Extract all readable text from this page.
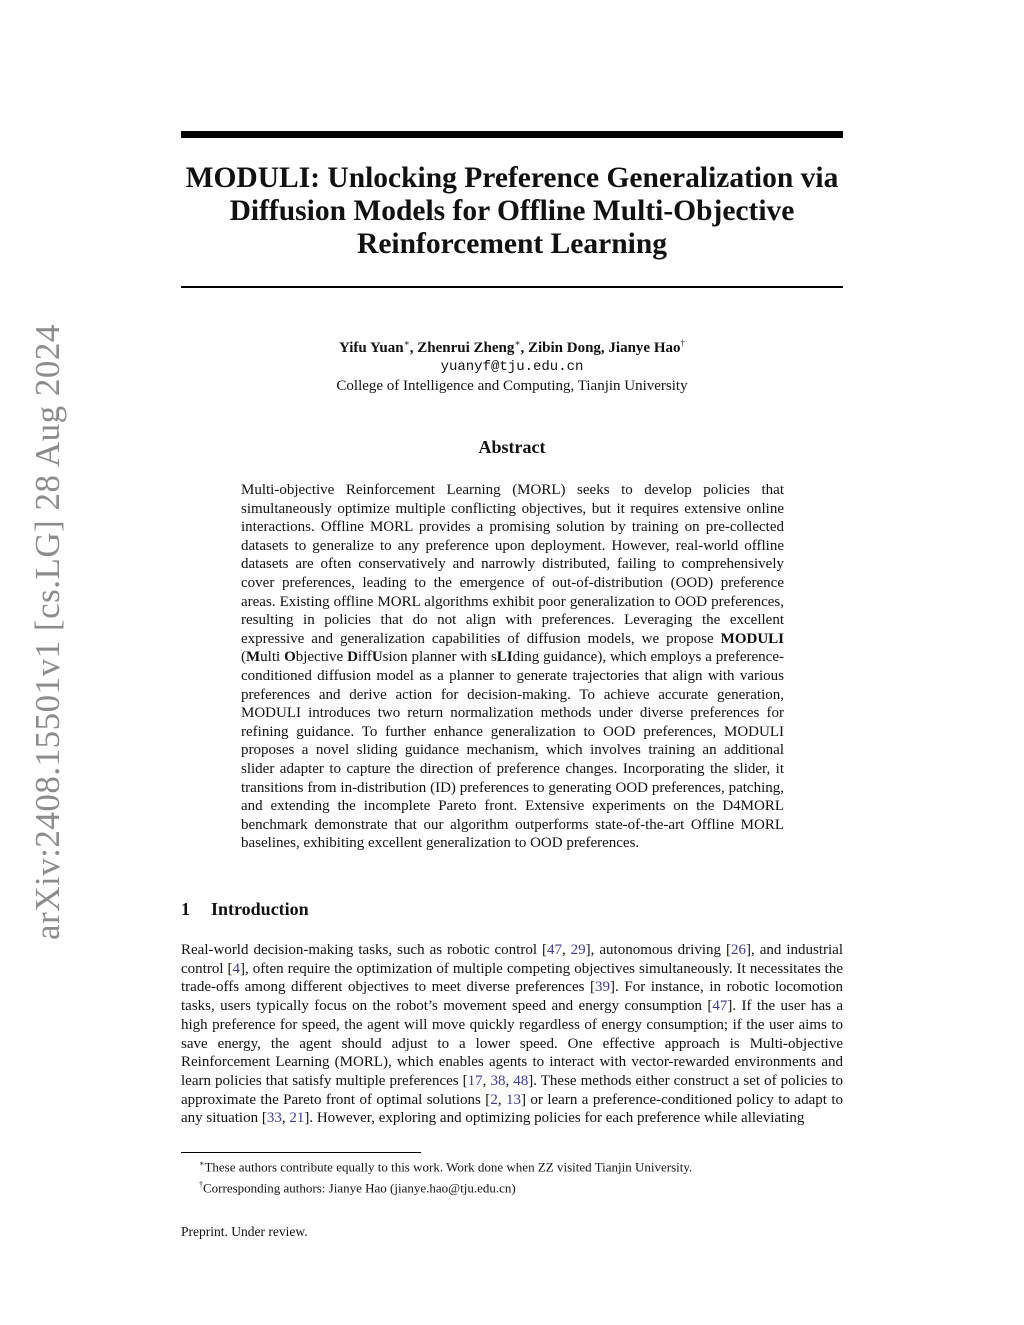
arXiv:2408.15501v1 [cs.LG] 28 Aug 2024
MODULI: Unlocking Preference Generalization via
Diffusion Models for Offline Multi-Objective
Reinforcement Learning
Yifu Yuan∗, Zhenrui Zheng∗, Zibin Dong, Jianye Hao†
yuanyf@tju.edu.cn
College of Intelligence and Computing, Tianjin University
Abstract
Multi-objective Reinforcement Learning (MORL) seeks to develop policies that simultaneously optimize multiple conflicting objectives, but it requires extensive online interactions. Offline MORL provides a promising solution by training on pre-collected datasets to generalize to any preference upon deployment. However, real-world offline datasets are often conservatively and narrowly distributed, failing to comprehensively cover preferences, leading to the emergence of out-of-distribution (OOD) preference areas. Existing offline MORL algorithms exhibit poor generalization to OOD preferences, resulting in policies that do not align with preferences. Leveraging the excellent expressive and generalization capabilities of diffusion models, we propose MODULI (Multi Objective DiffUsion planner with sLIding guidance), which employs a preference-conditioned diffusion model as a planner to generate trajectories that align with various preferences and derive action for decision-making. To achieve accurate generation, MODULI introduces two return normalization methods under diverse preferences for refining guidance. To further enhance generalization to OOD preferences, MODULI proposes a novel sliding guidance mechanism, which involves training an additional slider adapter to capture the direction of preference changes. Incorporating the slider, it transitions from in-distribution (ID) preferences to generating OOD preferences, patching, and extending the incomplete Pareto front. Extensive experiments on the D4MORL benchmark demonstrate that our algorithm outperforms state-of-the-art Offline MORL baselines, exhibiting excellent generalization to OOD preferences.
1 Introduction
Real-world decision-making tasks, such as robotic control [47, 29], autonomous driving [26], and industrial control [4], often require the optimization of multiple competing objectives simultaneously. It necessitates the trade-offs among different objectives to meet diverse preferences [39]. For instance, in robotic locomotion tasks, users typically focus on the robot’s movement speed and energy consumption [47]. If the user has a high preference for speed, the agent will move quickly regardless of energy consumption; if the user aims to save energy, the agent should adjust to a lower speed. One effective approach is Multi-objective Reinforcement Learning (MORL), which enables agents to interact with vector-rewarded environments and learn policies that satisfy multiple preferences [17, 38, 48]. These methods either construct a set of policies to approximate the Pareto front of optimal solutions [2, 13] or learn a preference-conditioned policy to adapt to any situation [33, 21]. However, exploring and optimizing policies for each preference while alleviating

∗These authors contribute equally to this work. Work done when ZZ visited Tianjin University.

†Corresponding authors: Jianye Hao (jianye.hao@tju.edu.cn)

Preprint. Under review.
